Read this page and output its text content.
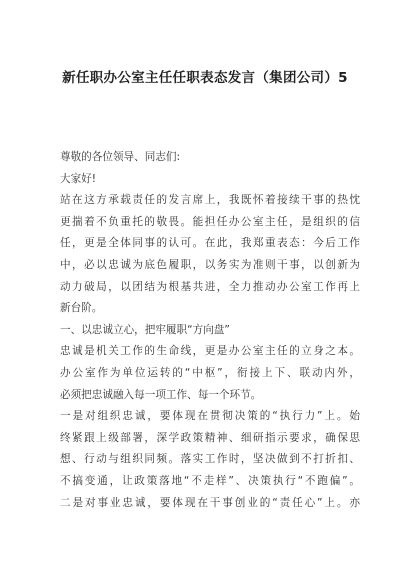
新任职办公室主任任职表态发言（集团公司）5
尊敬的各位领导、同志们:
大家好!
站在这方承载责任的发言席上，我既怀着接续干事的热忱
更揣着不负重托的敬畏。能担任办公室主任，是组织的信
任，更是全体同事的认可。在此，我郑重表态：今后工作
中，必以忠诚为底色履职，以务实为准则干事，以创新为
动力破局，以团结为根基共进，全力推动办公室工作再上
新台阶。
一、以忠诚立心，把牢履职“方向盘”
忠诚是机关工作的生命线，更是办公室主任的立身之本。
办公室作为单位运转的“中枢”，衔接上下、联动内外，
必须把忠诚融入每一项工作、每一个环节。
一是对组织忠诚，要体现在贯彻决策的“执行力”上。始
终紧跟上级部署，深学政策精神、细研指示要求，确保思
想、行动与组织同频。落实工作时，坚决做到不打折扣、
不搞变通，让政策落地“不走样”、决策执行“不跑偏”。
二是对事业忠诚，要体现在干事创业的“责任心”上。亦
